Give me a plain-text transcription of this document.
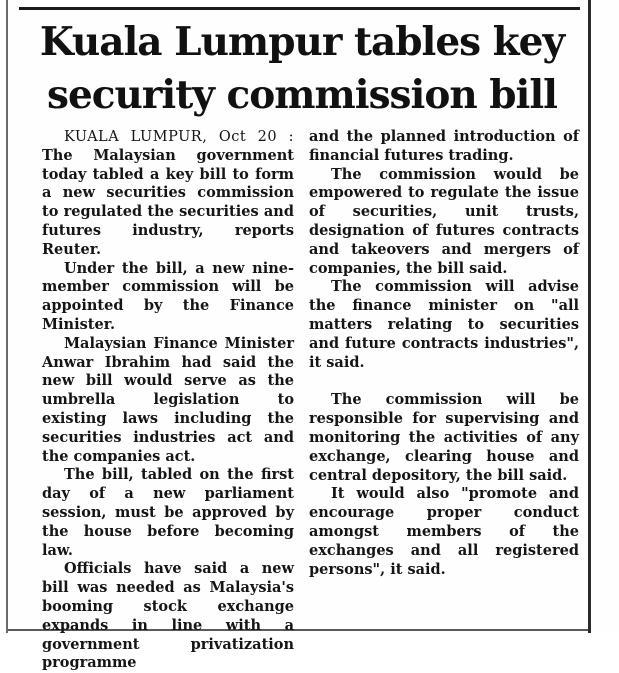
Kuala Lumpur tables key
security commission bill

KUALA LUMPUR, Oct 20 : The Malaysian government today tabled a key bill to form a new securities commission to regulated the securities and futures industry, reports Reuter.

Under the bill, a new nine-member commission will be appointed by the Finance Minister.

Malaysian Finance Minister Anwar Ibrahim had said the new bill would serve as the umbrella legislation to existing laws including the securities industries act and the companies act.

The bill, tabled on the first day of a new parliament session, must be approved by the house before becoming law.

Officials have said a new bill was needed as Malaysia's booming stock exchange expands in line with a government privatization programme

and the planned introduction of financial futures trading.

The commission would be empowered to regulate the issue of securities, unit trusts, designation of futures contracts and takeovers and mergers of companies, the bill said.

The commission will advise the finance minister on "all matters relating to securities and future contracts industries", it said.

The commission will be responsible for supervising and monitoring the activities of any exchange, clearing house and central depository, the bill said.

It would also "promote and encourage proper conduct amongst members of the exchanges and all registered persons", it said.
